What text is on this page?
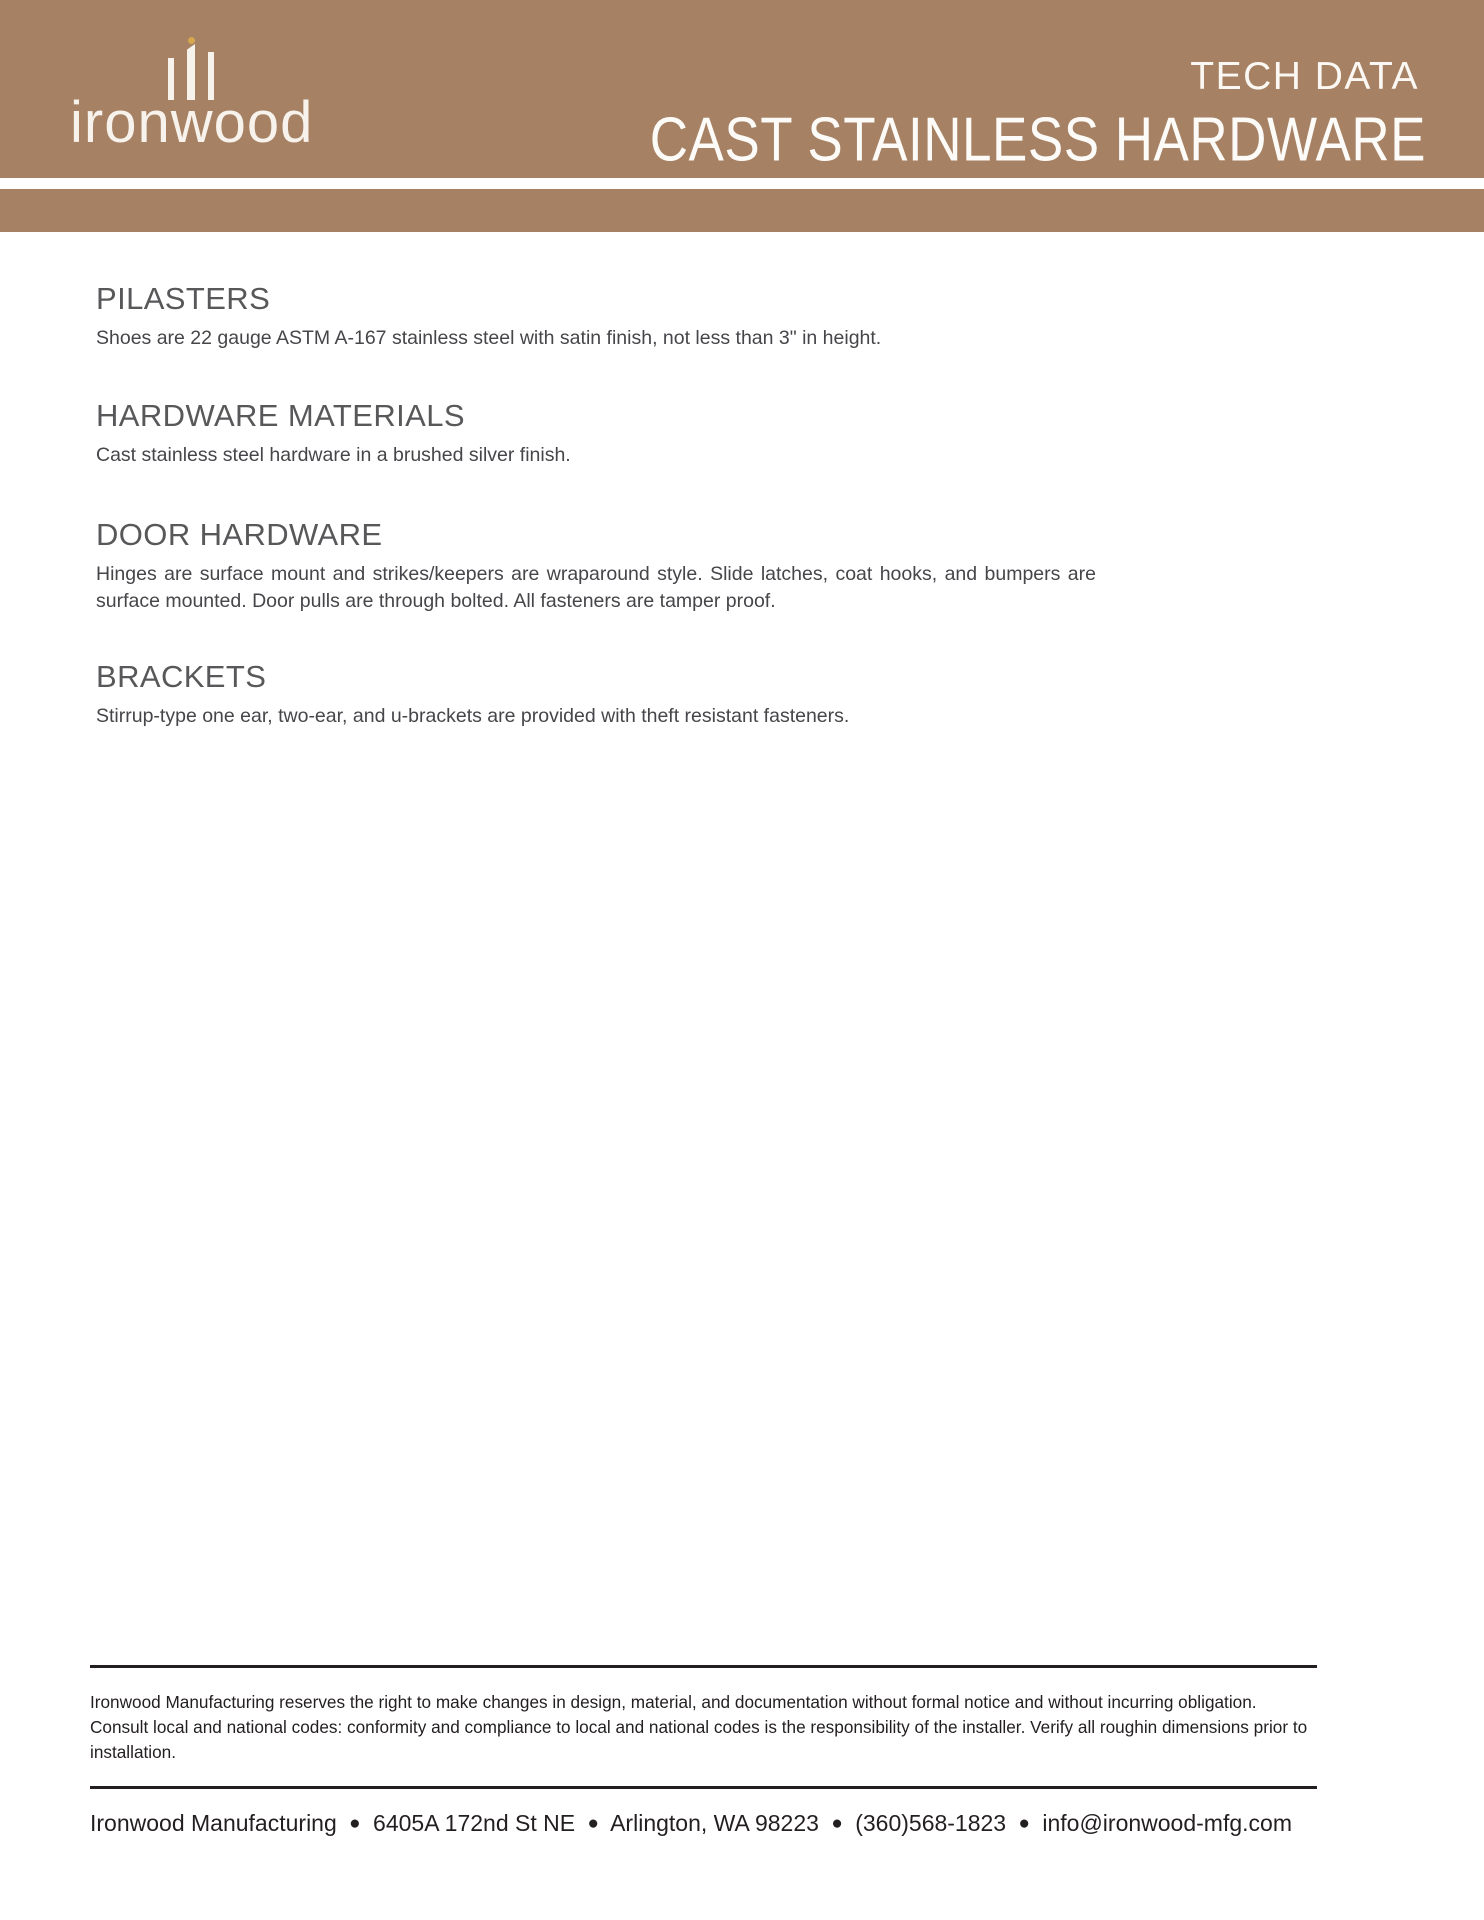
ironwood
TECH DATA
CAST STAINLESS HARDWARE
PILASTERS

Shoes are 22 gauge ASTM A-167 stainless steel with satin finish, not less than 3" in height.

HARDWARE MATERIALS

Cast stainless steel hardware in a brushed silver finish.

DOOR HARDWARE

Hinges are surface mount and strikes/keepers are wraparound style. Slide latches, coat hooks, and bumpers are surface mounted. Door pulls are through bolted. All fasteners are tamper proof.

BRACKETS

Stirrup-type one ear, two-ear, and u-brackets are provided with theft resistant fasteners.

Ironwood Manufacturing reserves the right to make changes in design, material, and documentation without formal notice and without incurring obligation. Consult local and national codes: conformity and compliance to local and national codes is the responsibility of the installer. Verify all roughin dimensions prior to installation.

Ironwood Manufacturing ● 6405A 172nd St NE ● Arlington, WA 98223 ● (360)568-1823 ● info@ironwood-mfg.com
